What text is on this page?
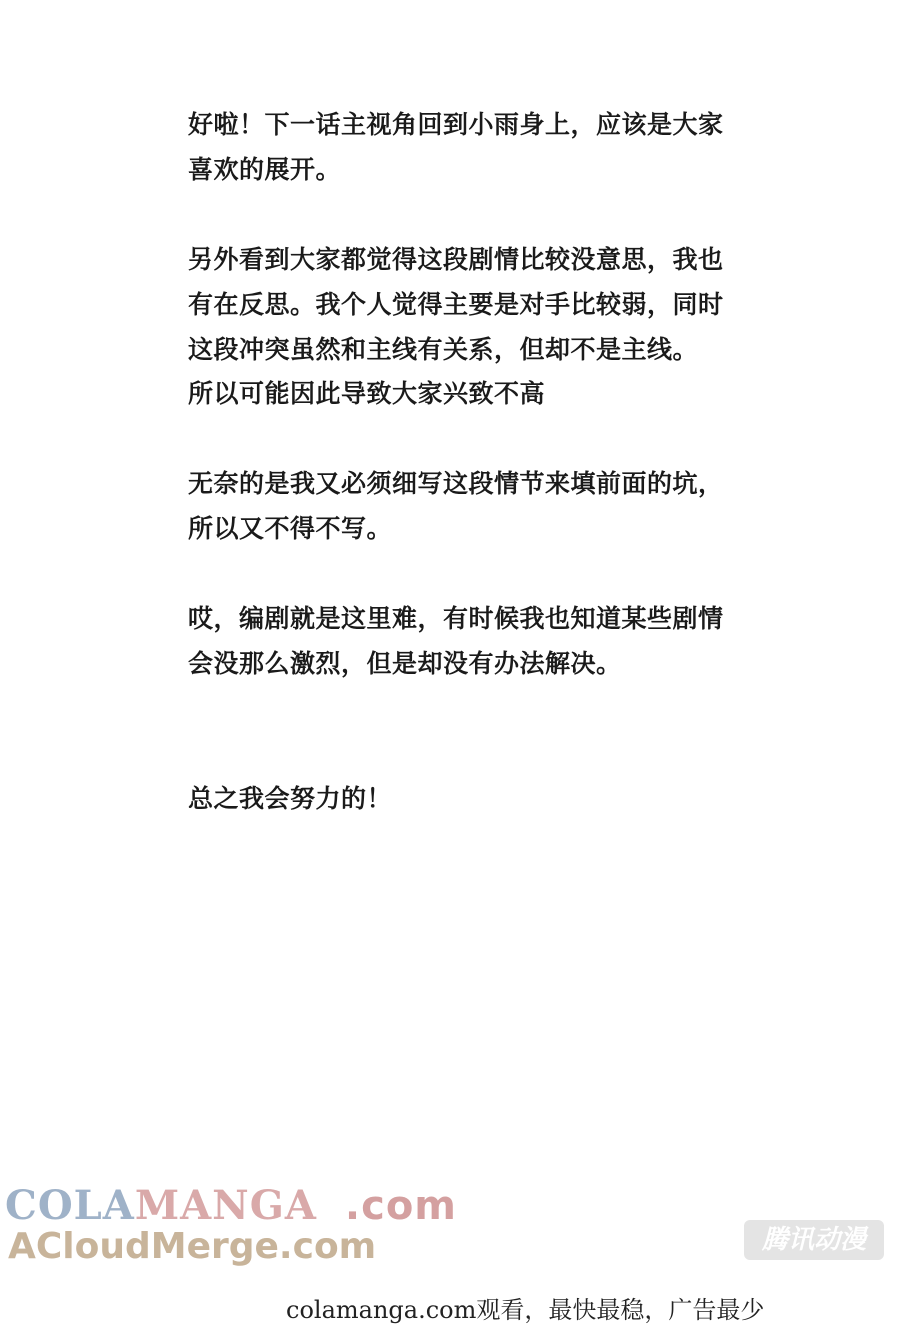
好啦！下一话主视角回到小雨身上，应该是大家
喜欢的展开。
另外看到大家都觉得这段剧情比较没意思，我也
有在反思。我个人觉得主要是对手比较弱，同时
这段冲突虽然和主线有关系，但却不是主线。
所以可能因此导致大家兴致不高
无奈的是我又必须细写这段情节来填前面的坑，
所以又不得不写。
哎，编剧就是这里难，有时候我也知道某些剧情
会没那么激烈，但是却没有办法解决。
总之我会努力的！
COLAMANGA .com
ACloudMerge.com	腾讯动漫
colamanga.com观看，最快最稳，广告最少
